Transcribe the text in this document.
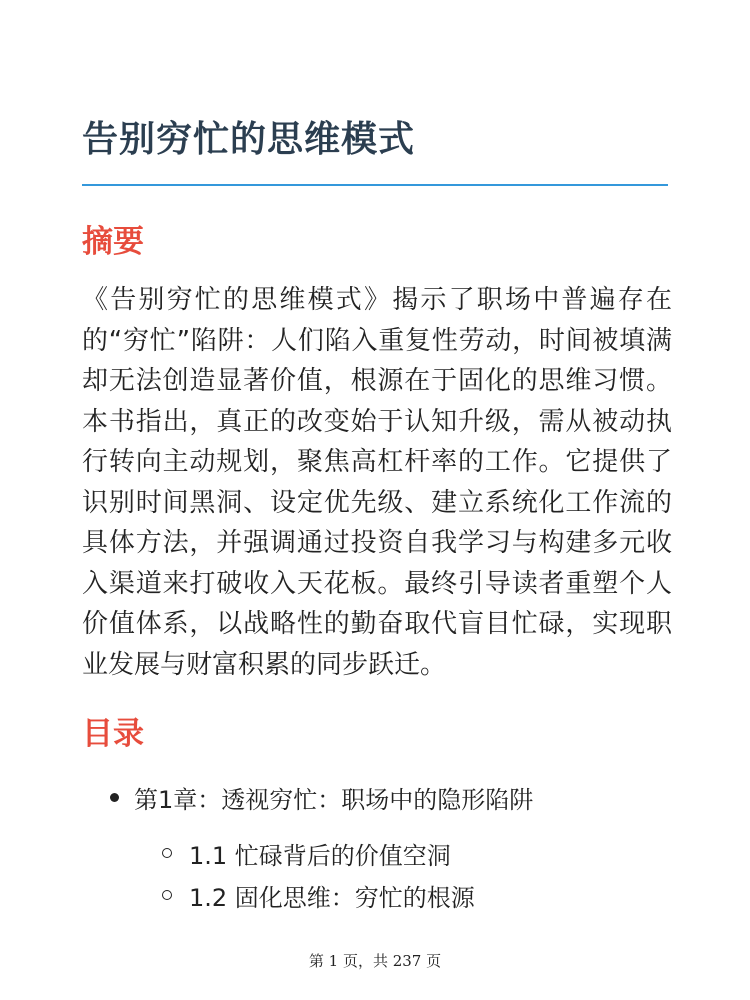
告别穷忙的思维模式
摘要

《告别穷忙的思维模式》揭示了职场中普遍存在的“穷忙”陷阱：人们陷入重复性劳动，时间被填满却无法创造显著价值，根源在于固化的思维习惯。本书指出，真正的改变始于认知升级，需从被动执行转向主动规划，聚焦高杠杆率的工作。它提供了识别时间黑洞、设定优先级、建立系统化工作流的具体方法，并强调通过投资自我学习与构建多元收入渠道来打破收入天花板。最终引导读者重塑个人价值体系，以战略性的勤奋取代盲目忙碌，实现职业发展与财富积累的同步跃迁。

目录
第1章：透视穷忙：职场中的隐形陷阱
1.1 忙碌背后的价值空洞
1.2 固化思维：穷忙的根源
第 1 页，共 237 页
